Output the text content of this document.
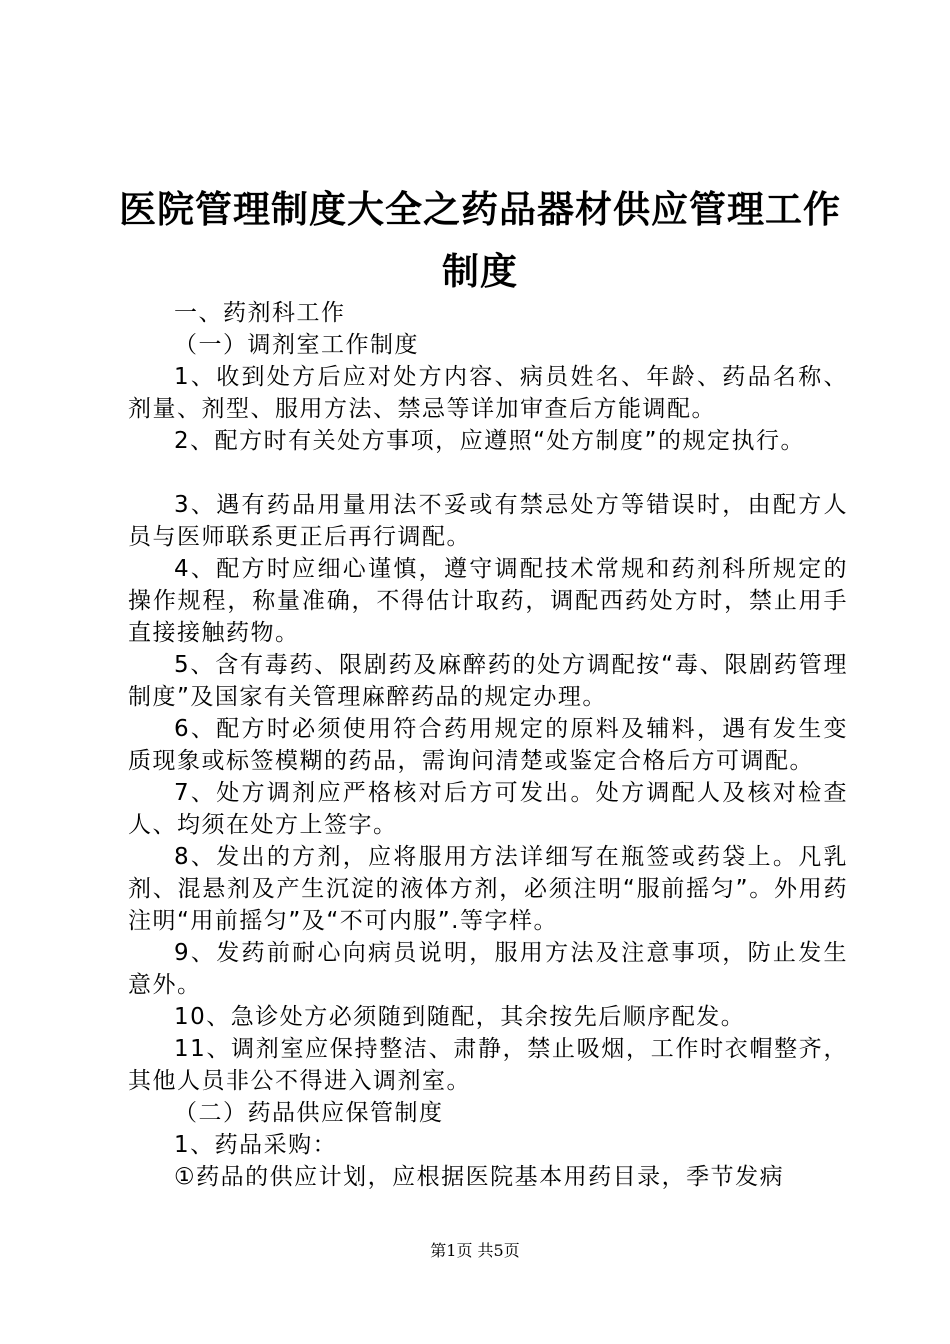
医院管理制度大全之药品器材供应管理工作制度

一、药剂科工作

（一）调剂室工作制度

1、收到处方后应对处方内容、病员姓名、年龄、药品名称、剂量、剂型、服用方法、禁忌等详加审查后方能调配。

2、配方时有关处方事项，应遵照“处方制度”的规定执行。

3、遇有药品用量用法不妥或有禁忌处方等错误时，由配方人员与医师联系更正后再行调配。

4、配方时应细心谨慎，遵守调配技术常规和药剂科所规定的操作规程，称量准确，不得估计取药，调配西药处方时，禁止用手直接接触药物。

5、含有毒药、限剧药及麻醉药的处方调配按“毒、限剧药管理制度”及国家有关管理麻醉药品的规定办理。

6、配方时必须使用符合药用规定的原料及辅料，遇有发生变质现象或标签模糊的药品，需询问清楚或鉴定合格后方可调配。

7、处方调剂应严格核对后方可发出。处方调配人及核对检查人、均须在处方上签字。

8、发出的方剂，应将服用方法详细写在瓶签或药袋上。凡乳剂、混悬剂及产生沉淀的液体方剂，必须注明“服前摇匀”。外用药注明“用前摇匀”及“不可内服”.等字样。

9、发药前耐心向病员说明，服用方法及注意事项，防止发生意外。

10、急诊处方必须随到随配，其余按先后顺序配发。

11、调剂室应保持整洁、肃静，禁止吸烟，工作时衣帽整齐，其他人员非公不得进入调剂室。

（二）药品供应保管制度

1、药品采购：

①药品的供应计划，应根据医院基本用药目录，季节发病

第1页 共5页
